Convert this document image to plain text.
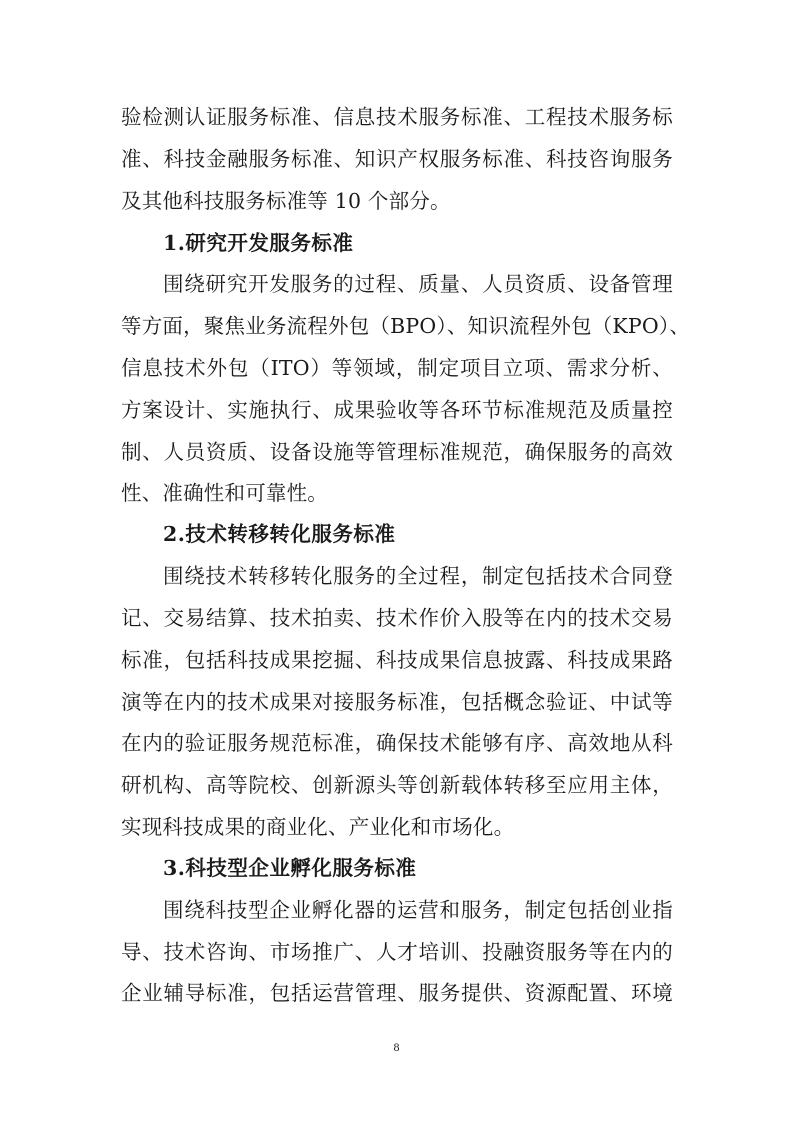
验检测认证服务标准、信息技术服务标准、工程技术服务标
准、科技金融服务标准、知识产权服务标准、科技咨询服务
及其他科技服务标准等 10 个部分。
1.研究开发服务标准
围绕研究开发服务的过程、质量、人员资质、设备管理
等方面，聚焦业务流程外包（BPO）、知识流程外包（KPO）、
信息技术外包（ITO）等领域，制定项目立项、需求分析、
方案设计、实施执行、成果验收等各环节标准规范及质量控
制、人员资质、设备设施等管理标准规范，确保服务的高效
性、准确性和可靠性。
2.技术转移转化服务标准
围绕技术转移转化服务的全过程，制定包括技术合同登
记、交易结算、技术拍卖、技术作价入股等在内的技术交易
标准，包括科技成果挖掘、科技成果信息披露、科技成果路
演等在内的技术成果对接服务标准，包括概念验证、中试等
在内的验证服务规范标准，确保技术能够有序、高效地从科
研机构、高等院校、创新源头等创新载体转移至应用主体，
实现科技成果的商业化、产业化和市场化。
3.科技型企业孵化服务标准
围绕科技型企业孵化器的运营和服务，制定包括创业指
导、技术咨询、市场推广、人才培训、投融资服务等在内的
企业辅导标准，包括运营管理、服务提供、资源配置、环境
8
